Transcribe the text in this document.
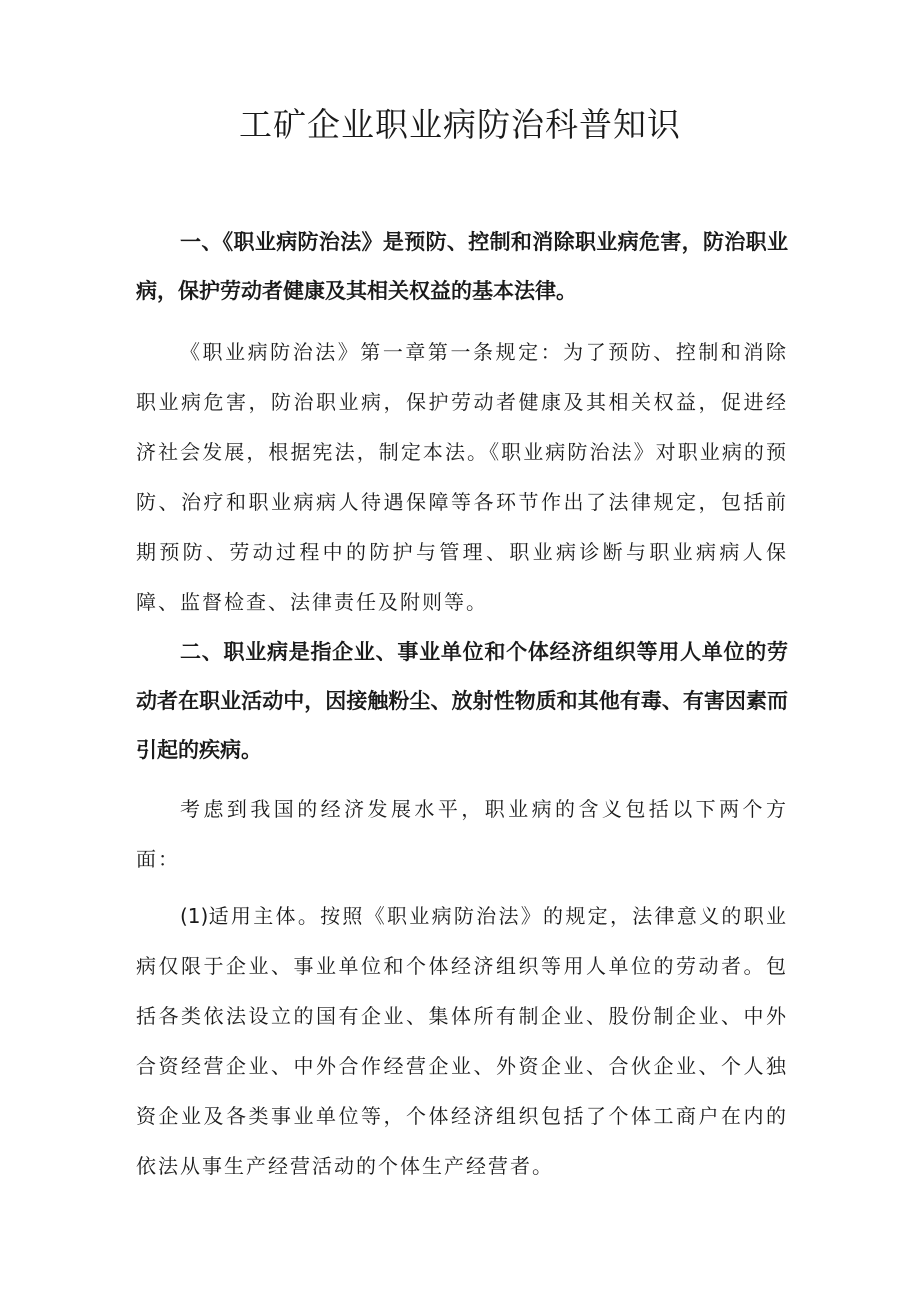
工矿企业职业病防治科普知识

一、《职业病防治法》是预防、控制和消除职业病危害，防治职业病，保护劳动者健康及其相关权益的基本法律。

《职业病防治法》第一章第一条规定：为了预防、控制和消除职业病危害，防治职业病，保护劳动者健康及其相关权益，促进经济社会发展，根据宪法，制定本法。《职业病防治法》对职业病的预防、治疗和职业病病人待遇保障等各环节作出了法律规定，包括前期预防、劳动过程中的防护与管理、职业病诊断与职业病病人保障、监督检查、法律责任及附则等。

二、职业病是指企业、事业单位和个体经济组织等用人单位的劳动者在职业活动中，因接触粉尘、放射性物质和其他有毒、有害因素而引起的疾病。

考虑到我国的经济发展水平，职业病的含义包括以下两个方面：

(1)适用主体。按照《职业病防治法》的规定，法律意义的职业病仅限于企业、事业单位和个体经济组织等用人单位的劳动者。包括各类依法设立的国有企业、集体所有制企业、股份制企业、中外合资经营企业、中外合作经营企业、外资企业、合伙企业、个人独资企业及各类事业单位等，个体经济组织包括了个体工商户在内的依法从事生产经营活动的个体生产经营者。
